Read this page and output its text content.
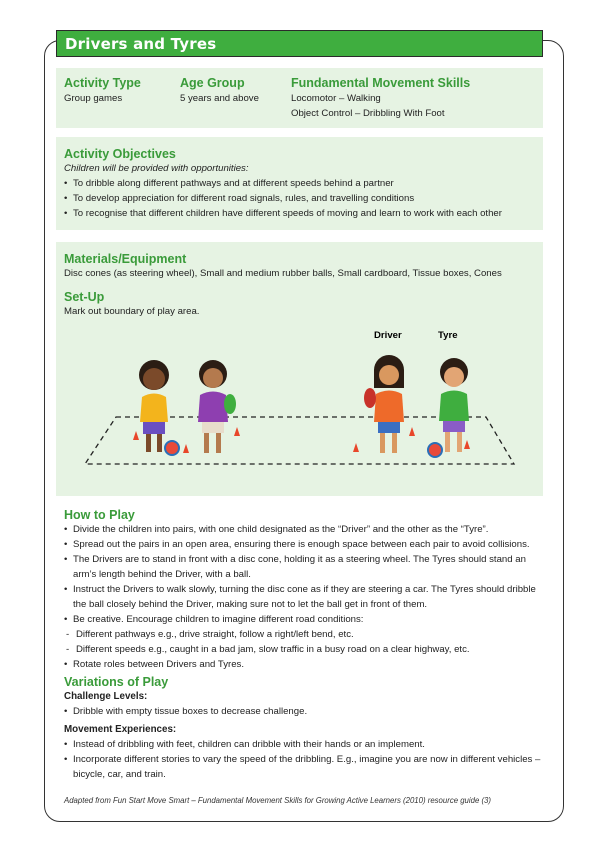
Drivers and Tyres
Activity Type
Group games
Age Group
5 years and above
Fundamental Movement Skills
Locomotor – Walking
Object Control – Dribbling With Foot
Activity Objectives
Children will be provided with opportunities:
• To dribble along different pathways and at different speeds behind a partner
• To develop appreciation for different road signals, rules, and travelling conditions
• To recognise that different children have different speeds of moving and learn to work with each other
Materials/Equipment
Disc cones (as steering wheel), Small and medium rubber balls, Small cardboard, Tissue boxes, Cones
Set-Up
Mark out boundary of play area.
Driver	Tyre
How to Play
• Divide the children into pairs, with one child designated as the “Driver” and the other as the “Tyre”.
• Spread out the pairs in an open area, ensuring there is enough space between each pair to avoid collisions.
• The Drivers are to stand in front with a disc cone, holding it as a steering wheel. The Tyres should stand an arm’s length behind the Driver, with a ball.
• Instruct the Drivers to walk slowly, turning the disc cone as if they are steering a car. The Tyres should dribble the ball closely behind the Driver, making sure not to let the ball get in front of them.
• Be creative. Encourage children to imagine different road conditions:
- Different pathways e.g., drive straight, follow a right/left bend, etc.
- Different speeds e.g., caught in a bad jam, slow traffic in a busy road on a clear highway, etc.
• Rotate roles between Drivers and Tyres.
Variations of Play
Challenge Levels:
• Dribble with empty tissue boxes to decrease challenge.
Movement Experiences:
• Instead of dribbling with feet, children can dribble with their hands or an implement.
• Incorporate different stories to vary the speed of the dribbling. E.g., imagine you are now in different vehicles – bicycle, car, and train.
Adapted from Fun Start Move Smart – Fundamental Movement Skills for Growing Active Learners (2010) resource guide (3)
